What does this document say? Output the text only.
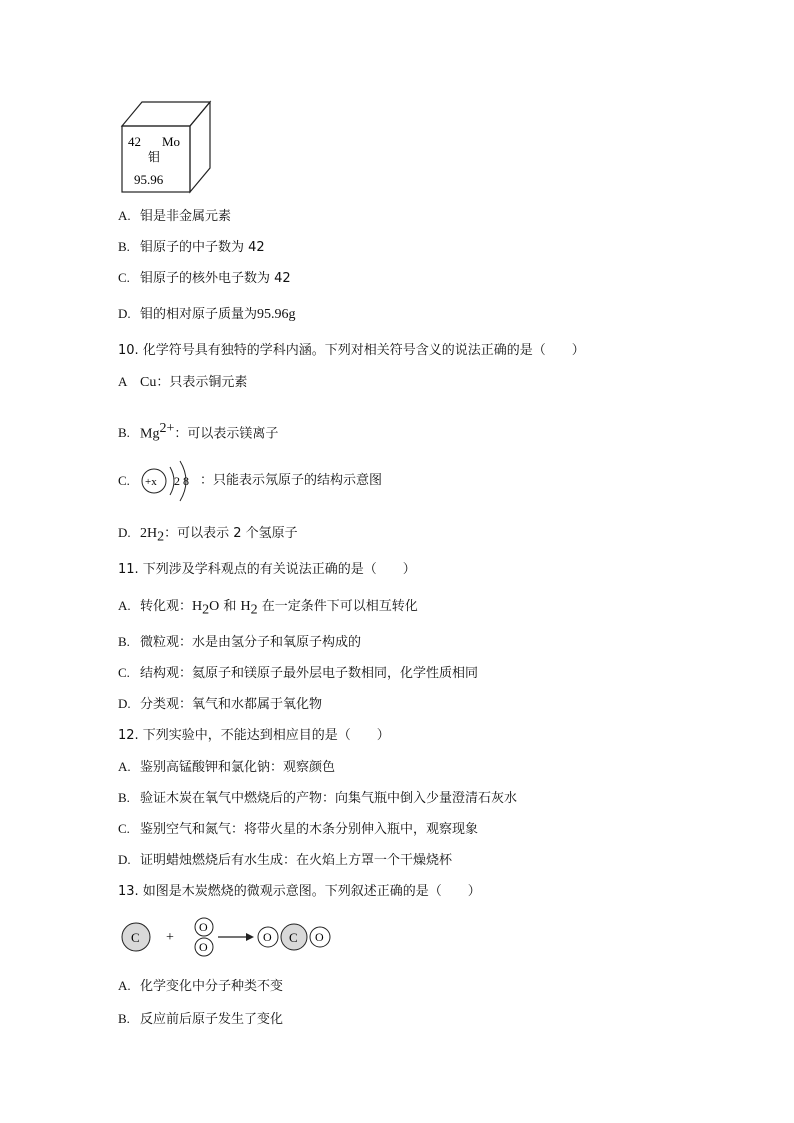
42 Mo
钼
95.96
A. 钼是非金属元素
B. 钼原子的中子数为 42
C. 钼原子的核外电子数为 42
D. 钼的相对原子质量为95.96g
10. 化学符号具有独特的学科内涵。下列对相关符号含义的说法正确的是（　　）
A Cu：只表示铜元素
B. $Mg^{2+}$：可以表示镁离子
C.	+x 2 8 ：只能表示氖原子的结构示意图
D. $2H_2$：可以表示 2 个氢原子
11. 下列涉及学科观点的有关说法正确的是（　　）
A. 转化观：$H_2O$ 和 $H_2$ 在一定条件下可以相互转化
B. 微粒观：水是由氢分子和氧原子构成的
C. 结构观：氦原子和镁原子最外层电子数相同，化学性质相同
D. 分类观：氧气和水都属于氧化物
12. 下列实验中，不能达到相应目的是（　　）
A. 鉴别高锰酸钾和氯化钠：观察颜色
B. 验证木炭在氧气中燃烧后的产物：向集气瓶中倒入少量澄清石灰水
C. 鉴别空气和氮气：将带火星的木条分别伸入瓶中，观察现象
D. 证明蜡烛燃烧后有水生成：在火焰上方罩一个干燥烧杯
13. 如图是木炭燃烧的微观示意图。下列叙述正确的是（　　）
C +
O
O
O C O
A. 化学变化中分子种类不变
B. 反应前后原子发生了变化
